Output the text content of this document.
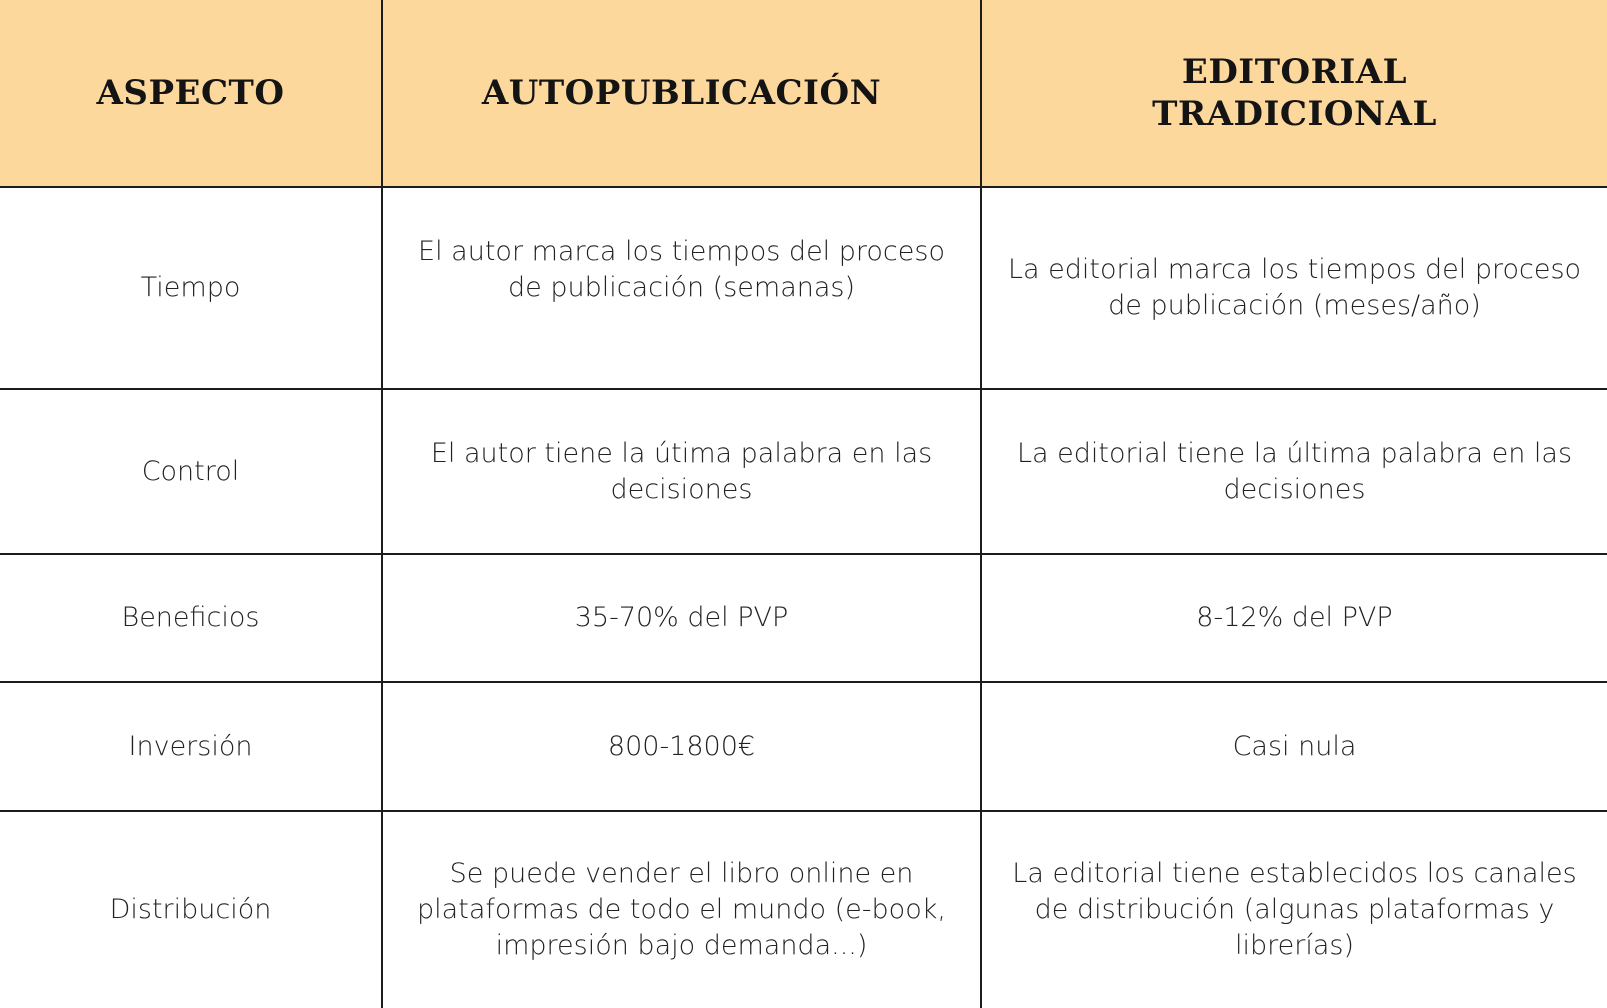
ASPECTO	AUTOPUBLICACIÓN	EDITORIAL TRADICIONAL
Tiempo	El autor marca los tiempos del proceso de publicación (semanas)	La editorial marca los tiempos del proceso de publicación (meses/año)
Control	El autor tiene la útima palabra en las decisiones	La editorial tiene la última palabra en las decisiones
Beneficios	35-70% del PVP	8-12% del PVP
Inversión	800-1800€	Casi nula
Distribución	Se puede vender el libro online en plataformas de todo el mundo (e-book, impresión bajo demanda...)	La editorial tiene establecidos los canales de distribución (algunas plataformas y librerías)
